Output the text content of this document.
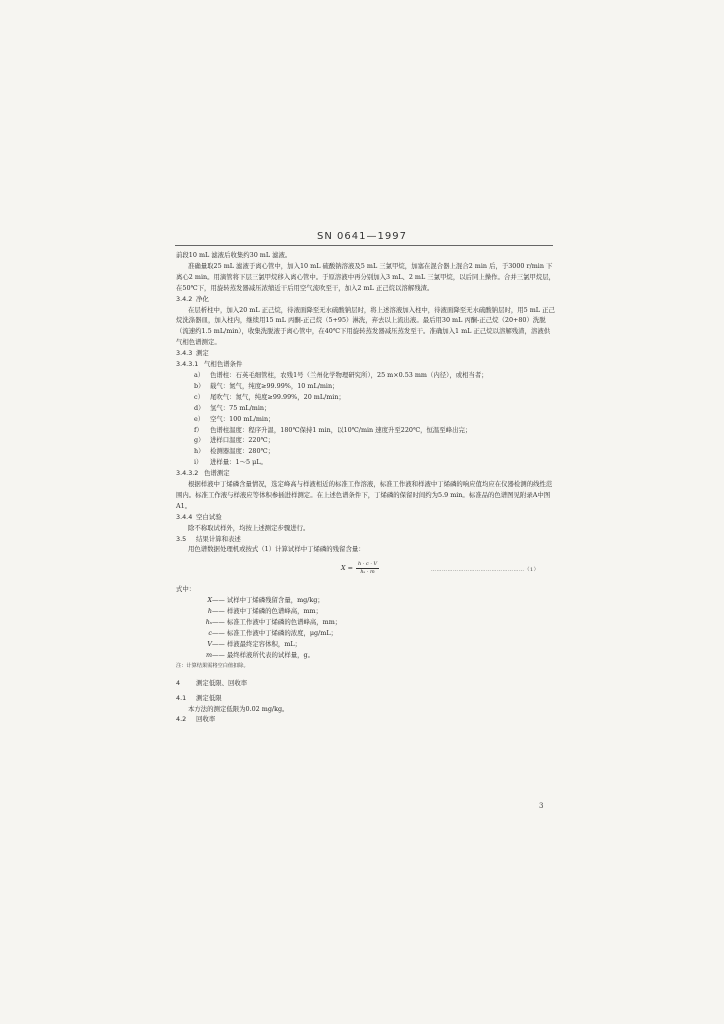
SN 0641—1997

前段10 mL 滤液后收集约30 mL 滤液。

准确量取25 mL 滤液于离心管中，加入10 mL 硫酸钠溶液及5 mL 三氯甲烷，加塞在混合器上混合2 min 后，于3000 r/min 下离心2 min。用滴管将下层三氯甲烷移入离心管中。于原溶液中再分别加入3 mL、2 mL 三氯甲烷，以后同上操作。合并三氯甲烷层，在50℃下，用旋转蒸发器减压浓缩近干后用空气流吹至干，加入2 mL 正己烷以溶解残渣。

3.4.2 净化

在层析柱中，加入20 mL 正己烷，待液面降至无水硫酸钠层时，将上述溶液加入柱中，待液面降至无水硫酸钠层时，用5 mL 正己烷洗涤器皿，加入柱内，继续用15 mL 丙酮-正己烷（5+95）淋洗，弃去以上流出液。最后用30 mL 丙酮-正己烷（20+80）洗脱（流速约1.5 mL/min），收集洗脱液于离心管中，在40℃下用旋转蒸发器减压蒸发至干。准确加入1 mL 正己烷以溶解残渣，溶液供气相色谱测定。

3.4.3 测定

3.4.3.1 气相色谱条件

a） 色谱柱：石英毛细管柱，农残1号（兰州化学物理研究所），25 m×0.53 mm（内径），或相当者；

b） 载气：氮气，纯度≥99.99%，10 mL/min；

c） 尾吹气：氮气，纯度≥99.99%，20 mL/min；

d） 氢气：75 mL/min；

e） 空气：100 mL/min；

f） 色谱柱温度：程序升温，180℃保持1 min，以10℃/min 速度升至220℃，恒温至峰出完；

g） 进样口温度：220℃；

h） 检测器温度：280℃；

i） 进样量：1～5 μL。

3.4.3.2 色谱测定

根据样液中丁烯磷含量情况，选定峰高与样液相近的标准工作溶液，标准工作液和样液中丁烯磷的响应值均应在仪器检测的线性范围内。标准工作液与样液应等体积参插进样测定。在上述色谱条件下，丁烯磷的保留时间约为5.9 min。标准品的色谱图见附录A中图A1。

3.4.4 空白试验

除不称取试样外，均按上述测定步骤进行。

3.5 结果计算和表述

用色谱数据处理机或按式（1）计算试样中丁烯磷的残留含量：

$X = \frac{h \cdot c \cdot V}{\text{hₛ · m}}$	……………………………………………（1）

式中：

X—— 试样中丁烯磷残留含量，mg/kg；

h—— 样液中丁烯磷的色谱峰高，mm；

hₛ—— 标准工作液中丁烯磷的色谱峰高，mm；

c—— 标准工作液中丁烯磷的浓度，μg/mL；

V—— 样液最终定容体积，mL；

m—— 最终样液所代表的试样量，g。

注：计算结果需将空白值扣除。

4 测定低限、回收率

4.1 测定低限

本方法的测定低限为0.02 mg/kg。

4.2 回收率

3
